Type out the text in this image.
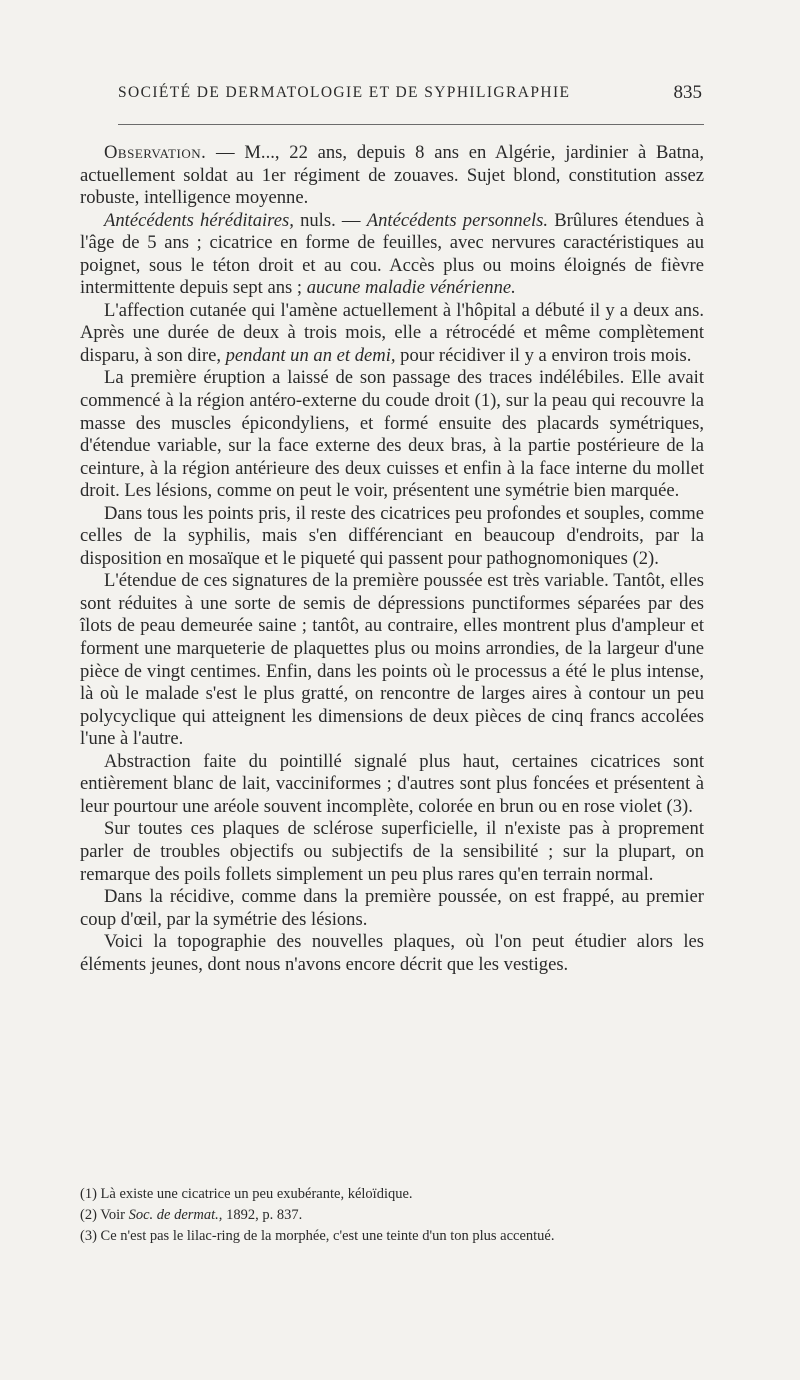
SOCIÉTÉ DE DERMATOLOGIE ET DE SYPHILIGRAPHIE	835

Observation. — M..., 22 ans, depuis 8 ans en Algérie, jardinier à Batna, actuellement soldat au 1er régiment de zouaves. Sujet blond, constitution assez robuste, intelligence moyenne.

Antécédents héréditaires, nuls. — Antécédents personnels. Brûlures étendues à l'âge de 5 ans ; cicatrice en forme de feuilles, avec nervures caractéristiques au poignet, sous le téton droit et au cou. Accès plus ou moins éloignés de fièvre intermittente depuis sept ans ; aucune maladie vénérienne.

L'affection cutanée qui l'amène actuellement à l'hôpital a débuté il y a deux ans. Après une durée de deux à trois mois, elle a rétrocédé et même complètement disparu, à son dire, pendant un an et demi, pour récidiver il y a environ trois mois.

La première éruption a laissé de son passage des traces indélébiles. Elle avait commencé à la région antéro-externe du coude droit (1), sur la peau qui recouvre la masse des muscles épicondyliens, et formé ensuite des placards symétriques, d'étendue variable, sur la face externe des deux bras, à la partie postérieure de la ceinture, à la région antérieure des deux cuisses et enfin à la face interne du mollet droit. Les lésions, comme on peut le voir, présentent une symétrie bien marquée.

Dans tous les points pris, il reste des cicatrices peu profondes et souples, comme celles de la syphilis, mais s'en différenciant en beaucoup d'endroits, par la disposition en mosaïque et le piqueté qui passent pour pathognomoniques (2).

L'étendue de ces signatures de la première poussée est très variable. Tantôt, elles sont réduites à une sorte de semis de dépressions punctiformes séparées par des îlots de peau demeurée saine ; tantôt, au contraire, elles montrent plus d'ampleur et forment une marqueterie de plaquettes plus ou moins arrondies, de la largeur d'une pièce de vingt centimes. Enfin, dans les points où le processus a été le plus intense, là où le malade s'est le plus gratté, on rencontre de larges aires à contour un peu polycyclique qui atteignent les dimensions de deux pièces de cinq francs accolées l'une à l'autre.

Abstraction faite du pointillé signalé plus haut, certaines cicatrices sont entièrement blanc de lait, vacciniformes ; d'autres sont plus foncées et présentent à leur pourtour une aréole souvent incomplète, colorée en brun ou en rose violet (3).

Sur toutes ces plaques de sclérose superficielle, il n'existe pas à proprement parler de troubles objectifs ou subjectifs de la sensibilité ; sur la plupart, on remarque des poils follets simplement un peu plus rares qu'en terrain normal.

Dans la récidive, comme dans la première poussée, on est frappé, au premier coup d'œil, par la symétrie des lésions.

Voici la topographie des nouvelles plaques, où l'on peut étudier alors les éléments jeunes, dont nous n'avons encore décrit que les vestiges.

(1) Là existe une cicatrice un peu exubérante, kéloïdique.

(2) Voir Soc. de dermat., 1892, p. 837.

(3) Ce n'est pas le lilac-ring de la morphée, c'est une teinte d'un ton plus accentué.
